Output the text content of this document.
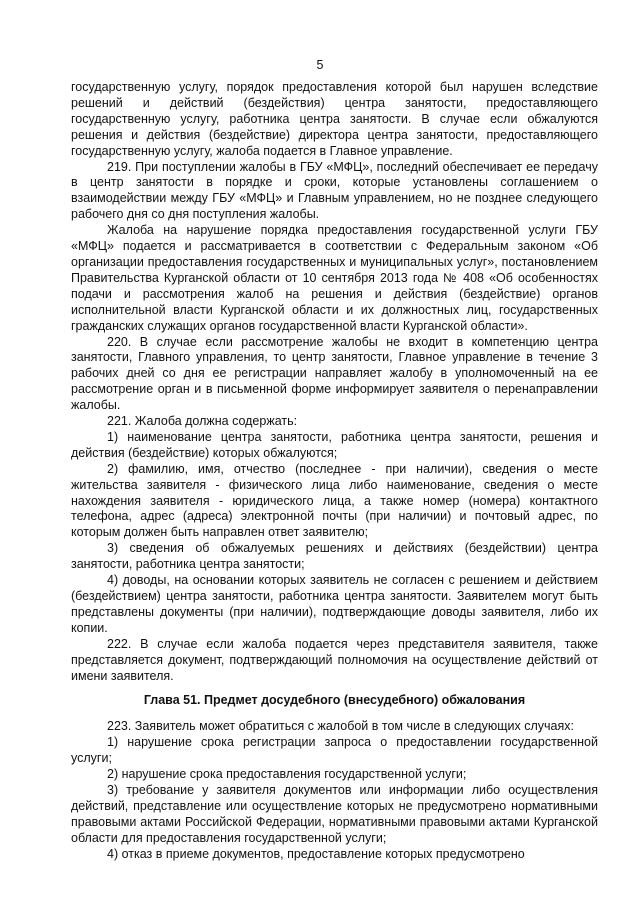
5

государственную услугу, порядок предоставления которой был нарушен вследствие решений и действий (бездействия) центра занятости, предоставляющего государственную услугу, работника центра занятости. В случае если обжалуются решения и действия (бездействие) директора центра занятости, предоставляющего государственную услугу, жалоба подается в Главное управление.

219. При поступлении жалобы в ГБУ «МФЦ», последний обеспечивает ее передачу в центр занятости в порядке и сроки, которые установлены соглашением о взаимодействии между ГБУ «МФЦ» и Главным управлением, но не позднее следующего рабочего дня со дня поступления жалобы.

Жалоба на нарушение порядка предоставления государственной услуги ГБУ «МФЦ» подается и рассматривается в соответствии с Федеральным законом «Об организации предоставления государственных и муниципальных услуг», постановлением Правительства Курганской области от 10 сентября 2013 года № 408 «Об особенностях подачи и рассмотрения жалоб на решения и действия (бездействие) органов исполнительной власти Курганской области и их должностных лиц, государственных гражданских служащих органов государственной власти Курганской области».

220. В случае если рассмотрение жалобы не входит в компетенцию центра занятости, Главного управления, то центр занятости, Главное управление в течение 3 рабочих дней со дня ее регистрации направляет жалобу в уполномоченный на ее рассмотрение орган и в письменной форме информирует заявителя о перенаправлении жалобы.

221. Жалоба должна содержать:

1) наименование центра занятости, работника центра занятости, решения и действия (бездействие) которых обжалуются;

2) фамилию, имя, отчество (последнее - при наличии), сведения о месте жительства заявителя - физического лица либо наименование, сведения о месте нахождения заявителя - юридического лица, а также номер (номера) контактного телефона, адрес (адреса) электронной почты (при наличии) и почтовый адрес, по которым должен быть направлен ответ заявителю;

3) сведения об обжалуемых решениях и действиях (бездействии) центра занятости, работника центра занятости;

4) доводы, на основании которых заявитель не согласен с решением и действием (бездействием) центра занятости, работника центра занятости. Заявителем могут быть представлены документы (при наличии), подтверждающие доводы заявителя, либо их копии.

222. В случае если жалоба подается через представителя заявителя, также представляется документ, подтверждающий полномочия на осуществление действий от имени заявителя.

Глава 51. Предмет досудебного (внесудебного) обжалования

223. Заявитель может обратиться с жалобой в том числе в следующих случаях:

1) нарушение срока регистрации запроса о предоставлении государственной услуги;

2) нарушение срока предоставления государственной услуги;

3) требование у заявителя документов или информации либо осуществления действий, представление или осуществление которых не предусмотрено нормативными правовыми актами Российской Федерации, нормативными правовыми актами Курганской области для предоставления государственной услуги;

4) отказ в приеме документов, предоставление которых предусмотрено
